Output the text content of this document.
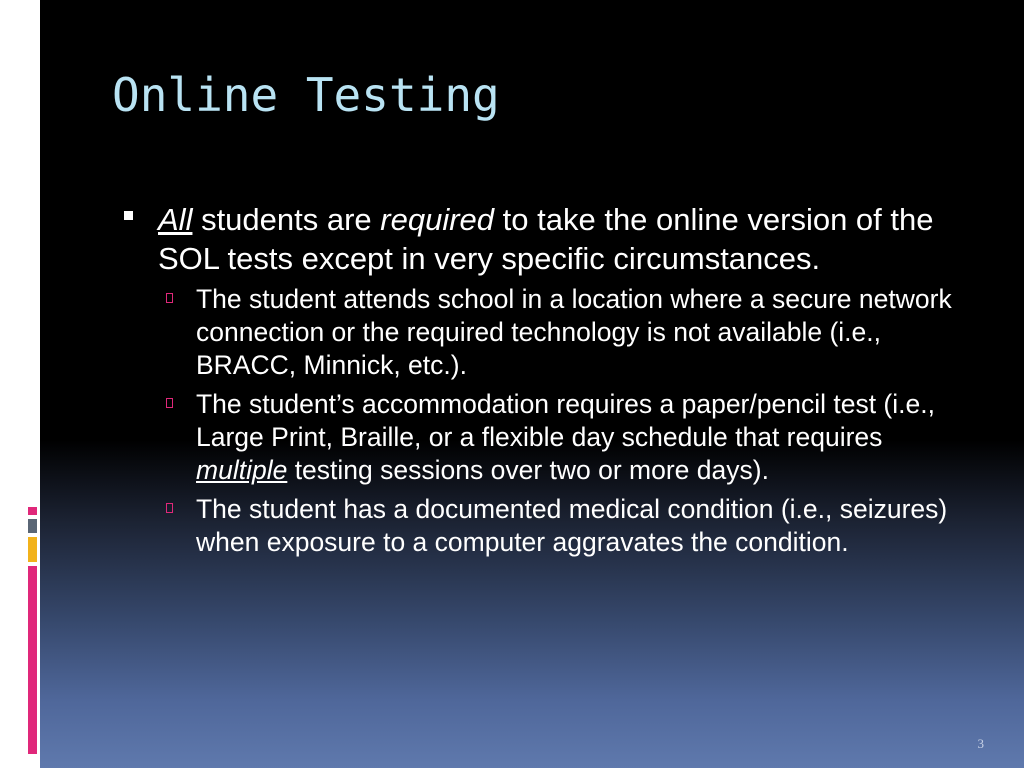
Online Testing
All students are required to take the online version of the SOL tests except in very specific circumstances.
The student attends school in a location where a secure network connection or the required technology is not available (i.e., BRACC, Minnick, etc.).
The student’s accommodation requires a paper/pencil test (i.e., Large Print, Braille, or a flexible day schedule that requires multiple testing sessions over two or more days).
The student has a documented medical condition (i.e., seizures) when exposure to a computer aggravates the condition.
3
